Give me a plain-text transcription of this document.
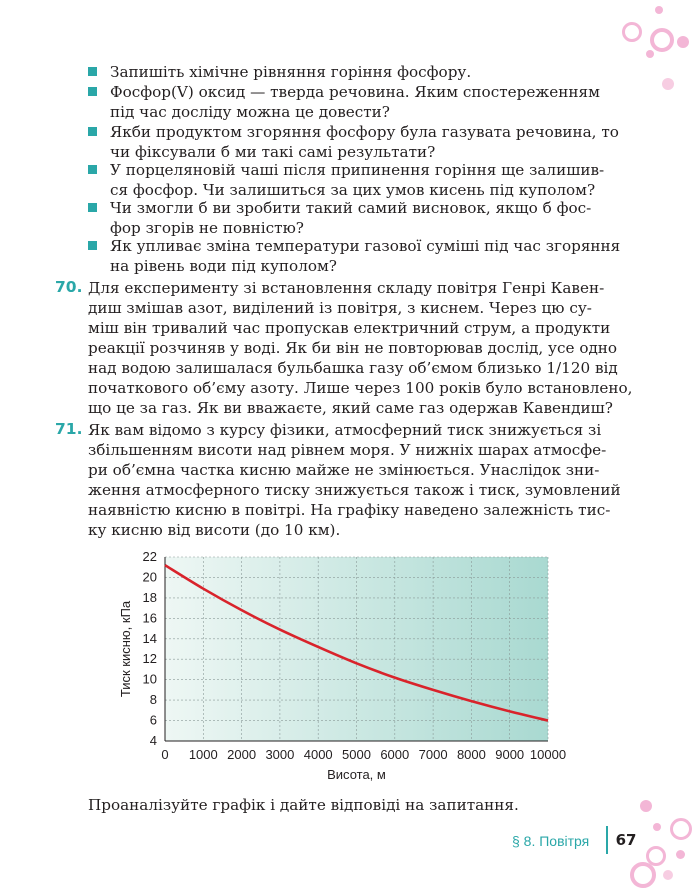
Запишіть хімічне рівняння горіння фосфору.
Фосфор(V) оксид — тверда речовина. Яким спостереженням
під час досліду можна це довести?
Якби продуктом згоряння фосфору була газувата речовина, то
чи фіксували б ми такі самі результати?
У порцеляновій чаші після припинення горіння ще залишив-
ся фосфор. Чи залишиться за цих умов кисень під куполом?
Чи змогли б ви зробити такий самий висновок, якщо б фос-
фор згорів не повністю?
Як упливає зміна температури газової суміші під час згоряння
на рівень води під куполом?
70. Для експерименту зі встановлення складу повітря Генрі Кавен-
диш змішав азот, виділений із повітря, з киснем. Через цю су-
міш він тривалий час пропускав електричний струм, а продукти
реакції розчиняв у воді. Як би він не повторював дослід, усе одно
над водою залишалася бульбашка газу об’ємом близько 1/120 від
початкового об’єму азоту. Лише через 100 років було встановлено,
що це за газ. Як ви вважаєте, який саме газ одержав Кавендиш?
71. Як вам відомо з курсу фізики, атмосферний тиск знижується зі
збільшенням висоти над рівнем моря. У нижніх шарах атмосфе-
ри об’ємна частка кисню майже не змінюється. Унаслідок зни-
ження атмосферного тиску знижується також і тиск, зумовлений
наявністю кисню в повітрі. На графіку наведено залежність тис-
ку кисню від висоти (до 10 км).
4
6
8
10
12
14
16
18
20
22
0 1000 2000 3000 4000 5000 6000 7000 8000 9000 10000
Висота, м
Тиск кисню, кПа
Проаналізуйте графік і дайте відповіді на запитання.
§ 8. Повітря 67
